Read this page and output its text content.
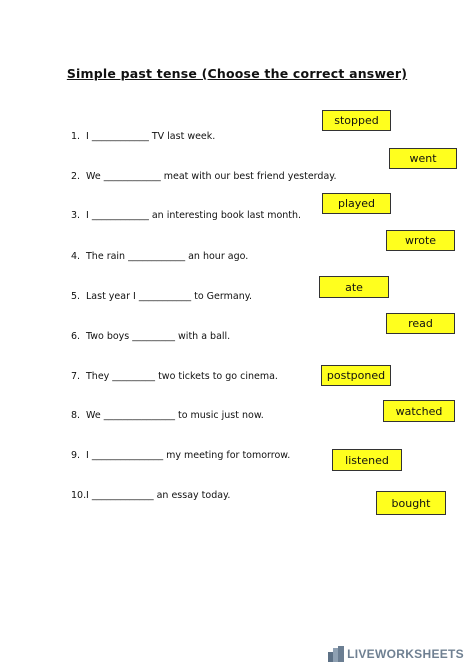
Simple past tense (Choose the correct answer)
1. I ____________ TV last week.
2. We ____________ meat with our best friend yesterday.
3. I ____________ an interesting book last month.
4. The rain ____________ an hour ago.
5. Last year I ___________ to Germany.
6. Two boys _________ with a ball.
7. They _________ two tickets to go cinema.
8. We _______________ to music just now.
9. I _______________ my meeting for tomorrow.
10.I _____________ an essay today.
stopped
went
played
wrote
ate
read
postponed
watched
listened
bought
LIVEWORKSHEETS
